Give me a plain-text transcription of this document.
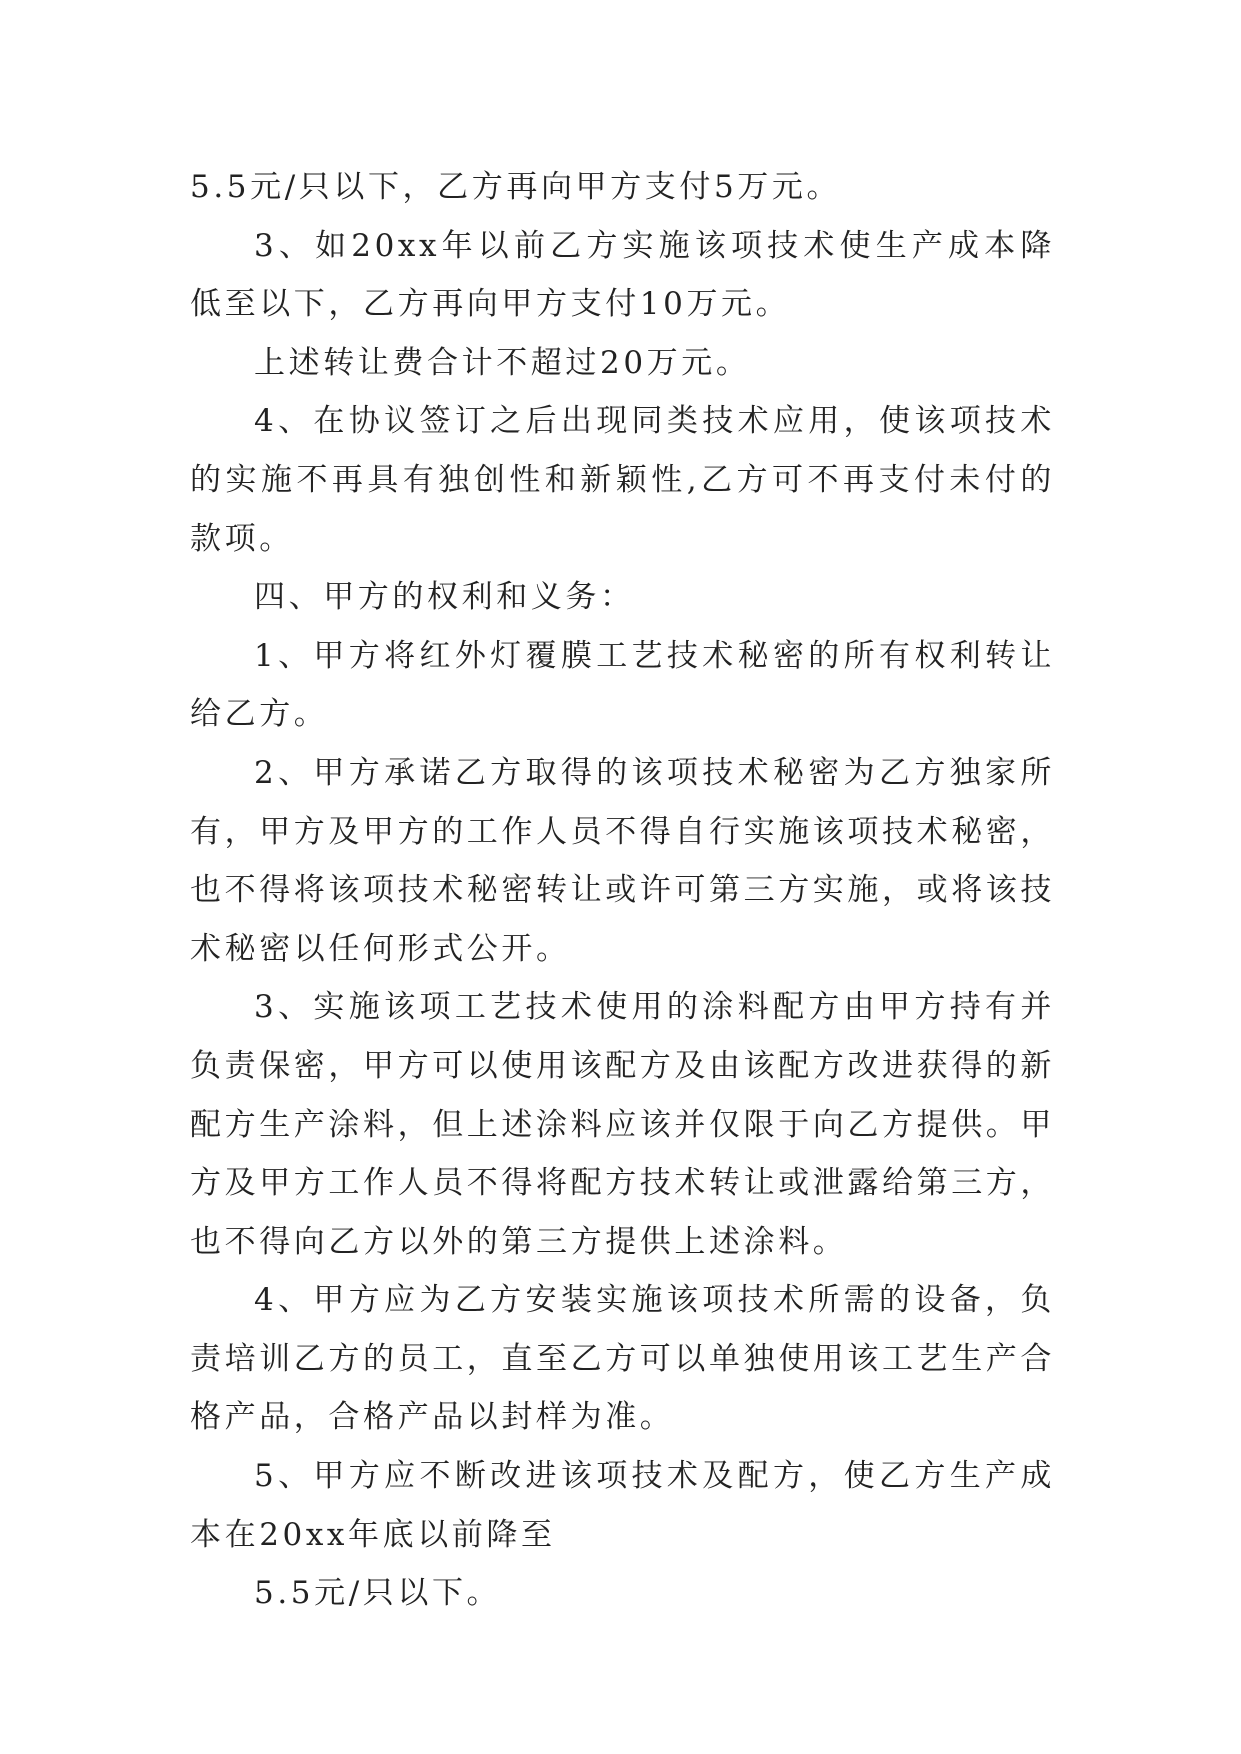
5.5元/只以下，乙方再向甲方支付5万元。

3、如20xx年以前乙方实施该项技术使生产成本降低至以下，乙方再向甲方支付10万元。

上述转让费合计不超过20万元。

4、在协议签订之后出现同类技术应用，使该项技术的实施不再具有独创性和新颖性,乙方可不再支付未付的款项。

四、甲方的权利和义务：

1、甲方将红外灯覆膜工艺技术秘密的所有权利转让给乙方。

2、甲方承诺乙方取得的该项技术秘密为乙方独家所有，甲方及甲方的工作人员不得自行实施该项技术秘密，也不得将该项技术秘密转让或许可第三方实施，或将该技术秘密以任何形式公开。

3、实施该项工艺技术使用的涂料配方由甲方持有并负责保密，甲方可以使用该配方及由该配方改进获得的新配方生产涂料，但上述涂料应该并仅限于向乙方提供。甲方及甲方工作人员不得将配方技术转让或泄露给第三方，也不得向乙方以外的第三方提供上述涂料。

4、甲方应为乙方安装实施该项技术所需的设备，负责培训乙方的员工，直至乙方可以单独使用该工艺生产合格产品，合格产品以封样为准。

5、甲方应不断改进该项技术及配方，使乙方生产成本在20xx年底以前降至

5.5元/只以下。
